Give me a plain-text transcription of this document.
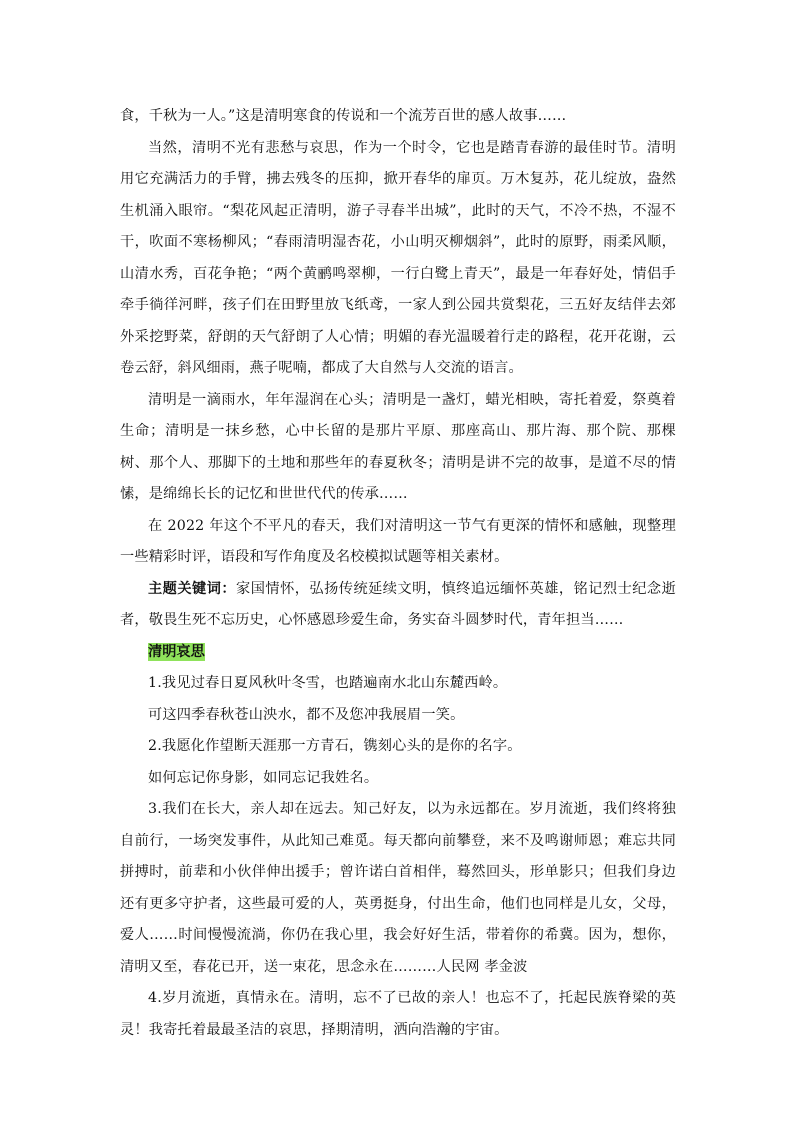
食，千秋为一人。”这是清明寒食的传说和一个流芳百世的感人故事……

当然，清明不光有悲愁与哀思，作为一个时令，它也是踏青春游的最佳时节。清明用它充满活力的手臂，拂去残冬的压抑，掀开春华的扉页。万木复苏，花儿绽放，盎然生机涌入眼帘。“梨花风起正清明，游子寻春半出城”，此时的天气，不冷不热，不湿不干，吹面不寒杨柳风；“春雨清明湿杏花，小山明灭柳烟斜”，此时的原野，雨柔风顺，山清水秀，百花争艳；“两个黄鹂鸣翠柳，一行白鹭上青天”，最是一年春好处，情侣手牵手徜徉河畔，孩子们在田野里放飞纸鸢，一家人到公园共赏梨花，三五好友结伴去郊外采挖野菜，舒朗的天气舒朗了人心情；明媚的春光温暖着行走的路程，花开花谢，云卷云舒，斜风细雨，燕子呢喃，都成了大自然与人交流的语言。

清明是一滴雨水，年年湿润在心头；清明是一盏灯，蜡光相映，寄托着爱，祭奠着生命；清明是一抹乡愁，心中长留的是那片平原、那座高山、那片海、那个院、那棵树、那个人、那脚下的土地和那些年的春夏秋冬；清明是讲不完的故事，是道不尽的情愫，是绵绵长长的记忆和世世代代的传承……

在 2022 年这个不平凡的春天，我们对清明这一节气有更深的情怀和感触，现整理一些精彩时评，语段和写作角度及名校模拟试题等相关素材。

主题关键词：家国情怀，弘扬传统延续文明，慎终追远缅怀英雄，铭记烈士纪念逝者，敬畏生死不忘历史，心怀感恩珍爱生命，务实奋斗圆梦时代，青年担当……

清明哀思

1.我见过春日夏风秋叶冬雪，也踏遍南水北山东麓西岭。

可这四季春秋苍山泱水，都不及您冲我展眉一笑。

2.我愿化作望断天涯那一方青石，镌刻心头的是你的名字。

如何忘记你身影，如同忘记我姓名。

3.我们在长大，亲人却在远去。知己好友，以为永远都在。岁月流逝，我们终将独自前行，一场突发事件，从此知己难觅。每天都向前攀登，来不及鸣谢师恩；难忘共同拼搏时，前辈和小伙伴伸出援手；曾许诺白首相伴，蓦然回头，形单影只；但我们身边还有更多守护者，这些最可爱的人，英勇挺身，付出生命，他们也同样是儿女，父母，爱人……时间慢慢流淌，你仍在我心里，我会好好生活，带着你的希冀。因为，想你，清明又至，春花已开，送一束花，思念永在………人民网 孝金波

4.岁月流逝，真情永在。清明，忘不了已故的亲人！也忘不了，托起民族脊梁的英灵！我寄托着最最圣洁的哀思，择期清明，洒向浩瀚的宇宙。
